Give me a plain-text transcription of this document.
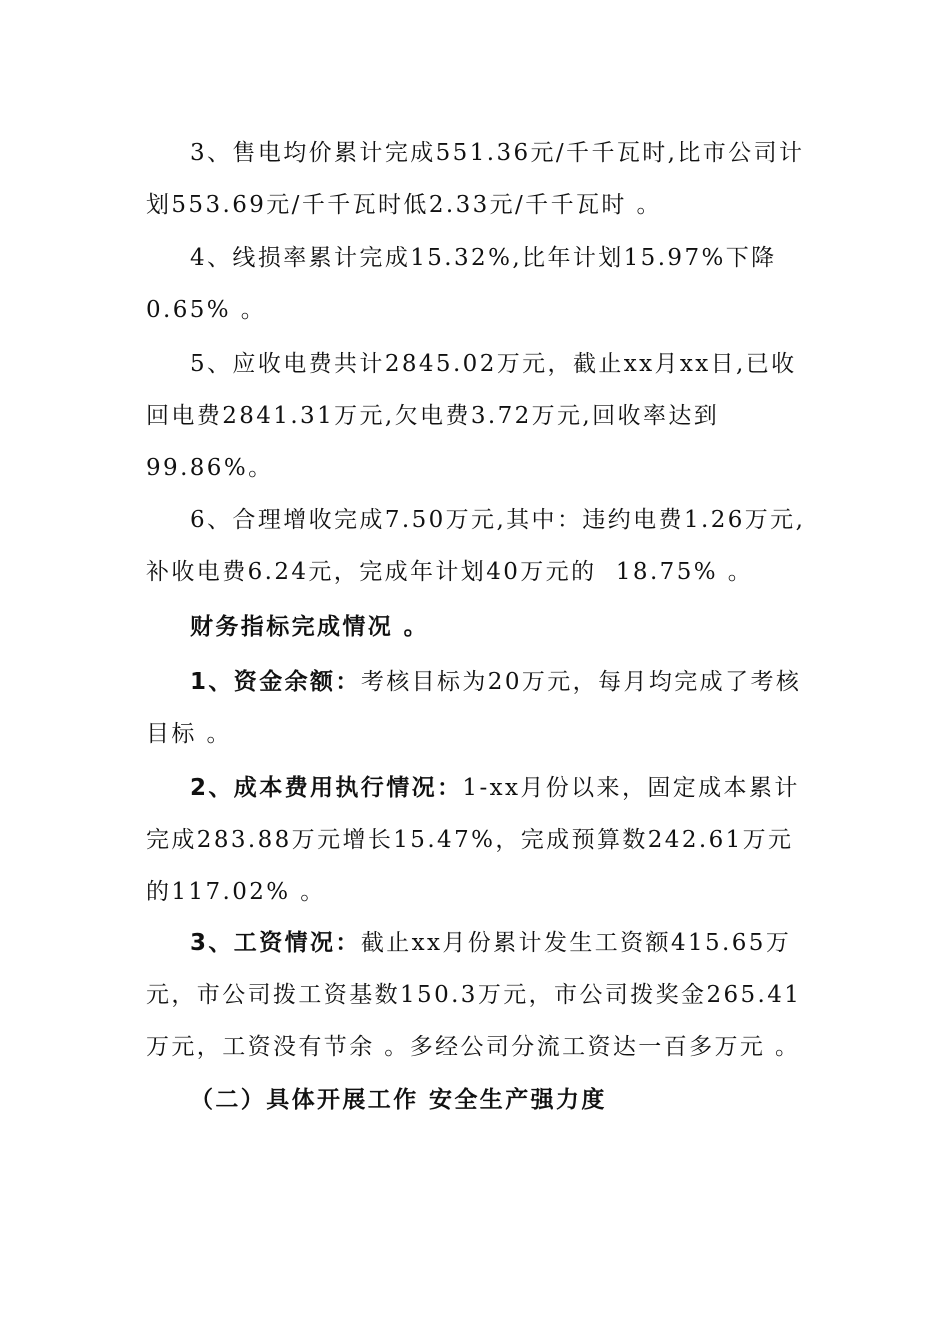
3、售电均价累计完成551.36元/千千瓦时,比市公司计划553.69元/千千瓦时低2.33元/千千瓦时 。

4、线损率累计完成15.32%,比年计划15.97%下降0.65% 。

5、应收电费共计2845.02万元，截止xx月xx日,已收回电费2841.31万元,欠电费3.72万元,回收率达到99.86%。

6、合理增收完成7.50万元,其中：违约电费1.26万元,补收电费6.24元，完成年计划40万元的  18.75% 。

财务指标完成情况 。

1、资金余额：考核目标为20万元，每月均完成了考核目标 。

2、成本费用执行情况：1-xx月份以来，固定成本累计完成283.88万元增长15.47%，完成预算数242.61万元的117.02% 。

3、工资情况：截止xx月份累计发生工资额415.65万元，市公司拨工资基数150.3万元，市公司拨奖金265.41万元，工资没有节余 。多经公司分流工资达一百多万元 。

（二）具体开展工作 安全生产强力度
